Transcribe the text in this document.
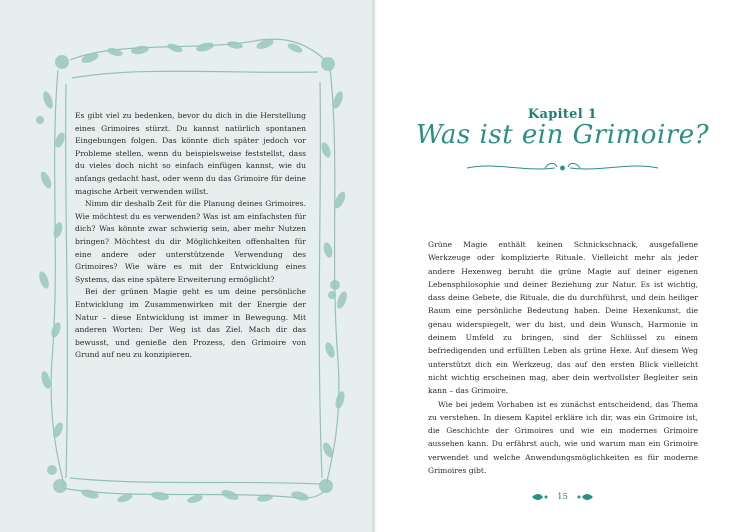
Es gibt viel zu bedenken, bevor du dich in die Herstellung eines Grimoires stürzt. Du kannst natürlich spontanen Eingebungen folgen. Das könnte dich später jedoch vor Probleme stellen, wenn du beispielsweise feststellst, dass du vieles doch nicht so einfach einfügen kannst, wie du anfangs gedacht hast, oder wenn du das Grimoire für deine magische Arbeit verwenden willst.

Nimm dir deshalb Zeit für die Planung deines Grimoires. Wie möchtest du es verwenden? Was ist am einfachsten für dich? Was könnte zwar schwierig sein, aber mehr Nutzen bringen? Möchtest du dir Möglichkeiten offenhalten für eine andere oder unterstützende Verwendung des Grimoires? Wie wäre es mit der Entwicklung eines Systems, das eine spätere Erweiterung ermöglicht?

Bei der grünen Magie geht es um deine persönliche Entwicklung im Zusammenwirken mit der Energie der Natur – diese Entwicklung ist immer in Bewegung. Mit anderen Worten: Der Weg ist das Ziel. Mach dir das bewusst, und genieße den Prozess, den Grimoire von Grund auf neu zu konzipieren.

Kapitel 1
Was ist ein Grimoire?

Grüne Magie enthält keinen Schnickschnack, ausgefallene Werkzeuge oder komplizierte Rituale. Vielleicht mehr als jeder andere Hexenweg beruht die grüne Magie auf deiner eigenen Lebensphilosophie und deiner Beziehung zur Natur. Es ist wichtig, dass deine Gebete, die Rituale, die du durchführst, und dein heiliger Raum eine persönliche Bedeutung haben. Deine Hexenkunst, die genau widerspiegelt, wer du bist, und dein Wunsch, Harmonie in deinem Umfeld zu bringen, sind der Schlüssel zu einem befriedigenden und erfüllten Leben als grüne Hexe. Auf diesem Weg unterstützt dich ein Werkzeug, das auf den ersten Blick vielleicht nicht wichtig erscheinen mag, aber dein wertvollster Begleiter sein kann – das Grimoire.

Wie bei jedem Vorhaben ist es zunächst entscheidend, das Thema zu verstehen. In diesem Kapitel erkläre ich dir, was ein Grimoire ist, die Geschichte der Grimoires und wie ein modernes Grimoire aussehen kann. Du erfährst auch, wie und warum man ein Grimoire verwendet und welche Anwendungsmöglichkeiten es für moderne Grimoires gibt.

15
